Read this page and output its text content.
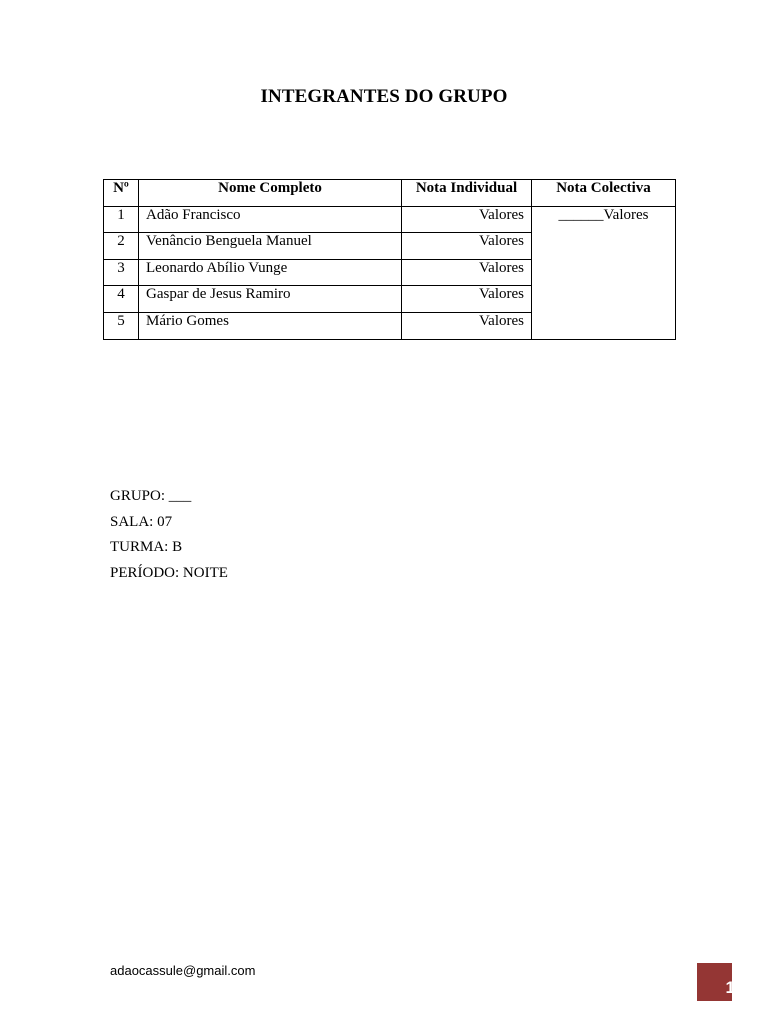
INTEGRANTES DO GRUPO
Nº	Nome Completo	Nota Individual	Nota Colectiva
1	Adão Francisco	Valores	______Valores
2	Venâncio Benguela Manuel	Valores	
3	Leonardo Abílio Vunge	Valores	
4	Gaspar de Jesus Ramiro	Valores	
5	Mário Gomes	Valores	
GRUPO: ___
SALA: 07
TURMA: B
PERÍODO: NOITE
adaocassule@gmail.com
1
